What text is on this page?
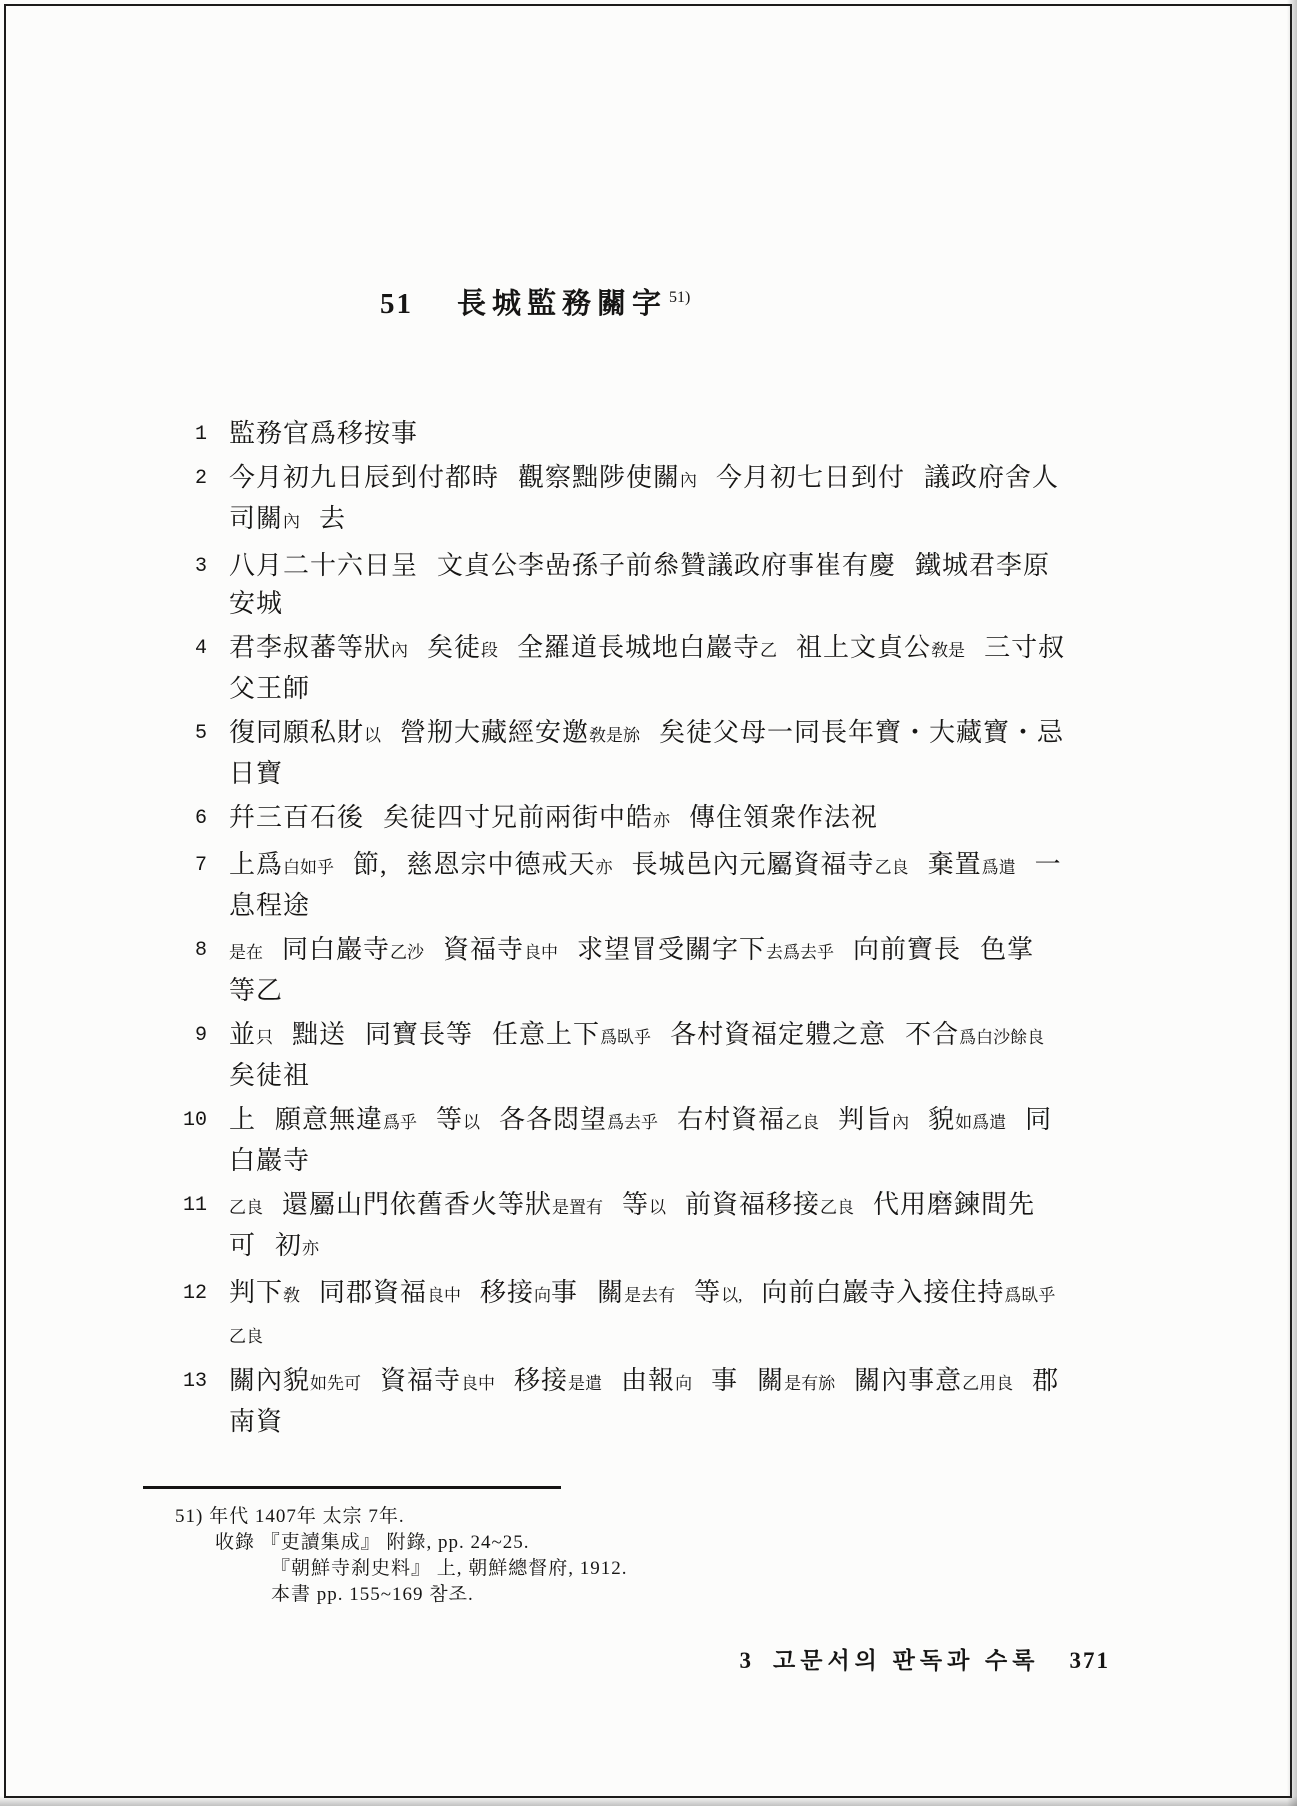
51 長城監務關字 $^{51)}$
1 監務官爲移按事
2 今月初九日辰到付都時 觀察黜陟使關內 今月初七日到付 議政府舍人
司關內 去
3 八月二十六日呈 文貞公李嵒孫子前叅贊議政府事崔有慶 鐵城君李原
安城
4 君李叔蕃等狀內 矣徒段 全羅道長城地白巖寺乙 祖上文貞公敎是 三寸叔
父王師
5 復同願私財以 營剏大藏經安邀敎是旀 矣徒父母一同長年寶・大藏寶・忌
日寶
6 幷三百石後 矣徒四寸兄前兩街中皓亦 傳住領衆作法祝
7 上爲白如乎 節, 慈恩宗中德戒天亦 長城邑內元屬資福寺乙良 棄置爲遣 一
息程途
8 是在 同白巖寺乙沙 資福寺良中 求望冒受關字下去爲去乎 向前寶長 色掌
等乙
9 並只 黜送 同寶長等 任意上下爲臥乎 各村資福定軆之意 不合爲白沙餘良
矣徒祖
10 上 願意無違爲乎 等以 各各悶望爲去乎 右村資福乙良 判旨內 貌如爲遣 同
白巖寺
11 乙良 還屬山門依舊香火等狀是置有 等以 前資福移接乙良 代用磨鍊間先
可 初亦
12 判下敎 同郡資福良中 移接向事 關是去有 等以, 向前白巖寺入接住持爲臥乎
乙良
13 關內貌如先可 資福寺良中 移接是遣 由報向 事 關是有旀 關內事意乙用良 郡
南資
51) 年代 1407年 太宗 7年.
收錄 『吏讀集成』 附錄, pp. 24~25.
『朝鮮寺刹史料』 上, 朝鮮總督府, 1912.
本書 pp. 155~169 참조.
3 고문서의 판독과 수록 371
